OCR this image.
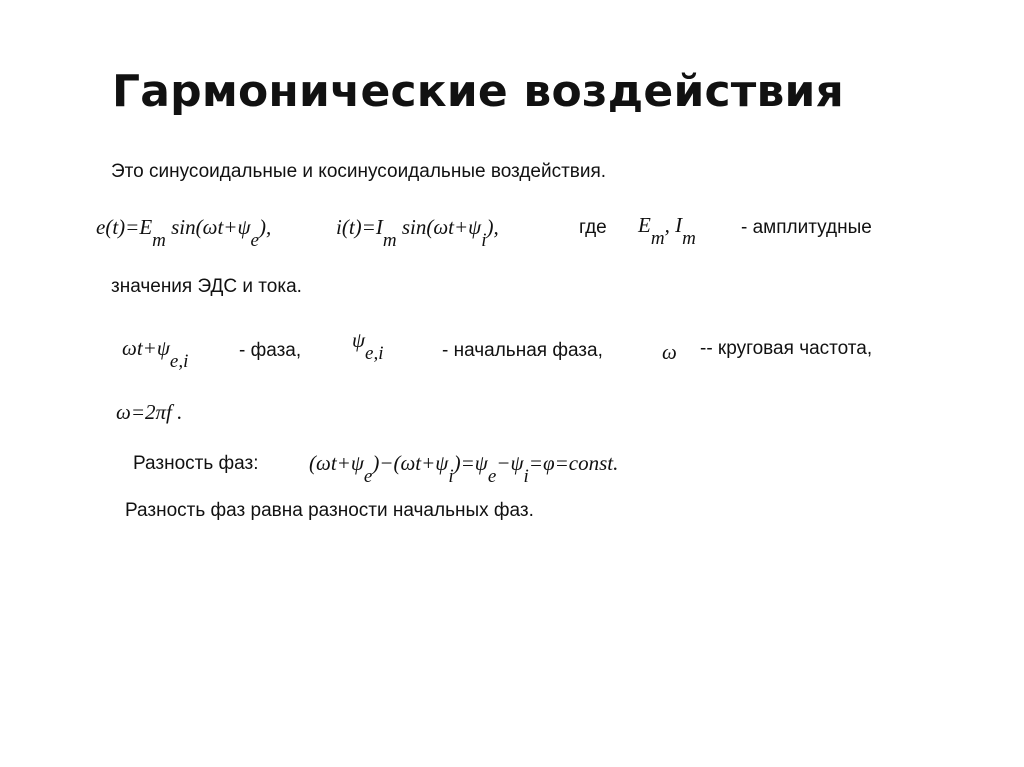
Гармонические воздействия
Это синусоидальные и косинусоидальные воздействия.
$e(t)=E_m$ $\sin(\omega t+\psi_e)$,	$i(t)=I_m$ $\sin(\omega t+\psi_i)$,	где $E_m$, $I_m$
- амплитудные
значения ЭДС и тока.
$\omega t+\psi_{e,i}$
- фаза, $\psi_{e,i}$	- начальная фаза,	ω -- круговая частота,
ω=2πf .
Разность фаз: $(\omega t+\psi_e)-(\omega t+\psi_i)=\psi_e-\psi_i=\varphi=const$.
Разность фаз равна разности начальных фаз.
